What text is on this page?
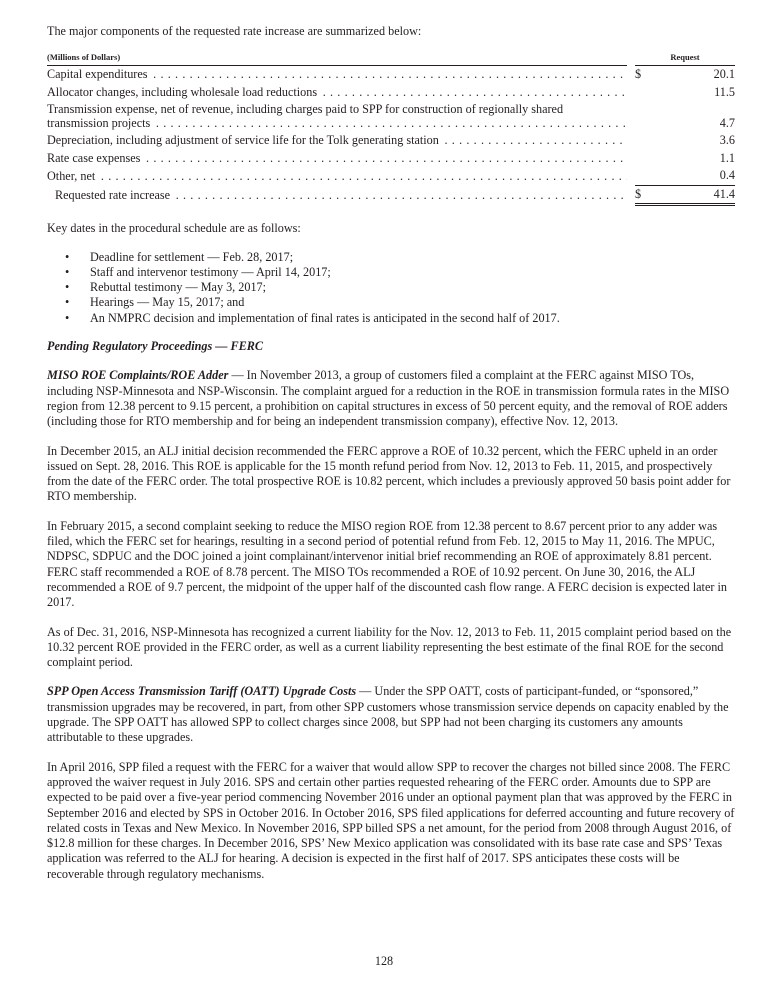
The major components of the requested rate increase are summarized below:

(Millions of Dollars)		Request	
Capital expenditures . . .		$	20.1
Allocator changes, including wholesale load reductions . . .			11.5

Transmission expense, net of revenue, including charges paid to SPP for construction of regionally shared
transmission projects . . .			4.7
Depreciation, including adjustment of service life for the Tolk generating station . . .			3.6
Rate case expenses . . .			1.1
Other, net . . .			0.4
Requested rate increase . . .		$	41.4

Key dates in the procedural schedule are as follows:

• Deadline for settlement — Feb. 28, 2017;
• Staff and intervenor testimony — April 14, 2017;
• Rebuttal testimony — May 3, 2017;
• Hearings — May 15, 2017; and
• An NMPRC decision and implementation of final rates is anticipated in the second half of 2017.

Pending Regulatory Proceedings — FERC

MISO ROE Complaints/ROE Adder — In November 2013, a group of customers filed a complaint at the FERC against MISO TOs, including NSP-Minnesota and NSP-Wisconsin. The complaint argued for a reduction in the ROE in transmission formula rates in the MISO region from 12.38 percent to 9.15 percent, a prohibition on capital structures in excess of 50 percent equity, and the removal of ROE adders (including those for RTO membership and for being an independent transmission company), effective Nov. 12, 2013.

In December 2015, an ALJ initial decision recommended the FERC approve a ROE of 10.32 percent, which the FERC upheld in an order issued on Sept. 28, 2016. This ROE is applicable for the 15 month refund period from Nov. 12, 2013 to Feb. 11, 2015, and prospectively from the date of the FERC order. The total prospective ROE is 10.82 percent, which includes a previously approved 50 basis point adder for RTO membership.

In February 2015, a second complaint seeking to reduce the MISO region ROE from 12.38 percent to 8.67 percent prior to any adder was filed, which the FERC set for hearings, resulting in a second period of potential refund from Feb. 12, 2015 to May 11, 2016. The MPUC, NDPSC, SDPUC and the DOC joined a joint complainant/intervenor initial brief recommending an ROE of approximately 8.81 percent. FERC staff recommended a ROE of 8.78 percent. The MISO TOs recommended a ROE of 10.92 percent. On June 30, 2016, the ALJ recommended a ROE of 9.7 percent, the midpoint of the upper half of the discounted cash flow range. A FERC decision is expected later in 2017.

As of Dec. 31, 2016, NSP-Minnesota has recognized a current liability for the Nov. 12, 2013 to Feb. 11, 2015 complaint period based on the 10.32 percent ROE provided in the FERC order, as well as a current liability representing the best estimate of the final ROE for the second complaint period.

SPP Open Access Transmission Tariff (OATT) Upgrade Costs — Under the SPP OATT, costs of participant-funded, or “sponsored,” transmission upgrades may be recovered, in part, from other SPP customers whose transmission service depends on capacity enabled by the upgrade. The SPP OATT has allowed SPP to collect charges since 2008, but SPP had not been charging its customers any amounts attributable to these upgrades.

In April 2016, SPP filed a request with the FERC for a waiver that would allow SPP to recover the charges not billed since 2008. The FERC approved the waiver request in July 2016. SPS and certain other parties requested rehearing of the FERC order. Amounts due to SPP are expected to be paid over a five-year period commencing November 2016 under an optional payment plan that was approved by the FERC in September 2016 and elected by SPS in October 2016. In October 2016, SPS filed applications for deferred accounting and future recovery of related costs in Texas and New Mexico. In November 2016, SPP billed SPS a net amount, for the period from 2008 through August 2016, of $12.8 million for these charges. In December 2016, SPS’ New Mexico application was consolidated with its base rate case and SPS’ Texas application was referred to the ALJ for hearing. A decision is expected in the first half of 2017. SPS anticipates these costs will be recoverable through regulatory mechanisms.

128
